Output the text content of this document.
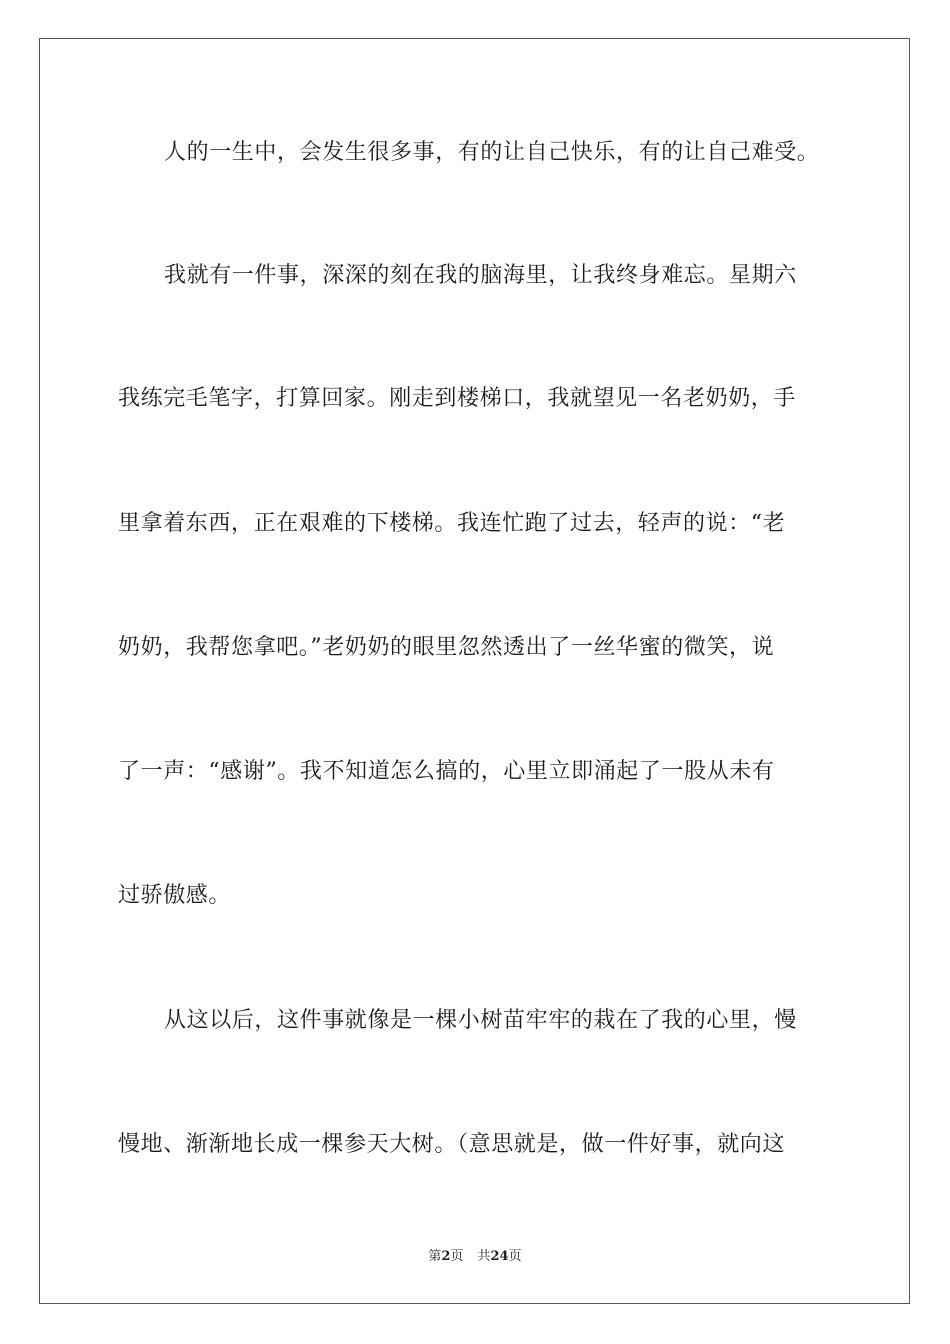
人的一生中，会发生很多事，有的让自己快乐，有的让自己难受。
我就有一件事，深深的刻在我的脑海里，让我终身难忘。星期六
我练完毛笔字，打算回家。刚走到楼梯口，我就望见一名老奶奶，手
里拿着东西，正在艰难的下楼梯。我连忙跑了过去，轻声的说：“老
奶奶，我帮您拿吧。”老奶奶的眼里忽然透出了一丝华蜜的微笑，说
了一声：“感谢”。我不知道怎么搞的，心里立即涌起了一股从未有
过骄傲感。
从这以后，这件事就像是一棵小树苗牢牢的栽在了我的心里，慢
慢地、渐渐地长成一棵参天大树。（意思就是，做一件好事，就向这
第2页 共24页
